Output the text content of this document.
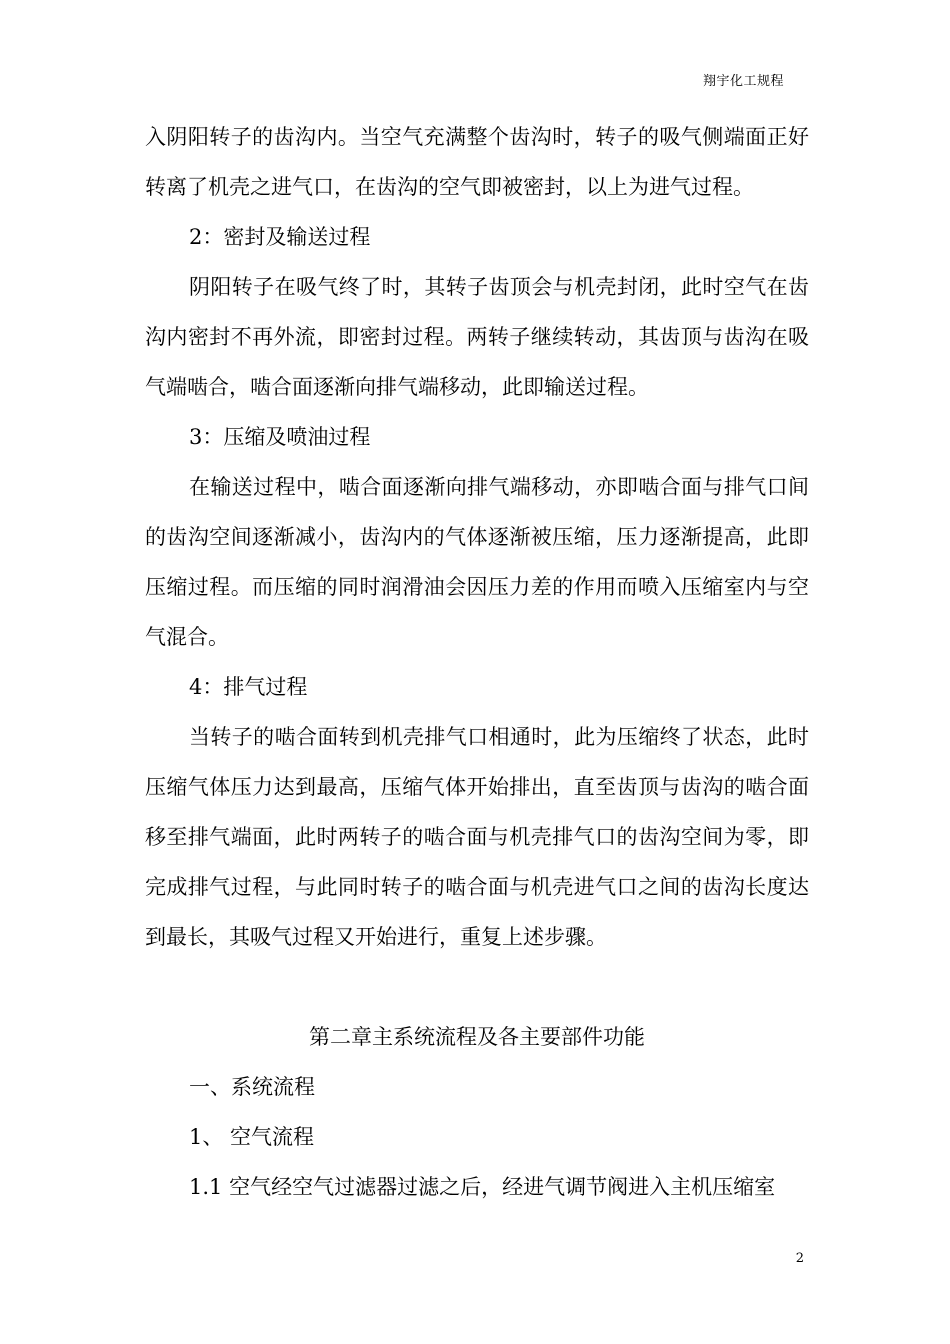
翔宇化工规程

入阴阳转子的齿沟内。当空气充满整个齿沟时，转子的吸气侧端面正好转离了机壳之进气口，在齿沟的空气即被密封，以上为进气过程。

2：密封及输送过程

阴阳转子在吸气终了时，其转子齿顶会与机壳封闭，此时空气在齿沟内密封不再外流，即密封过程。两转子继续转动，其齿顶与齿沟在吸气端啮合，啮合面逐渐向排气端移动，此即输送过程。

3：压缩及喷油过程

在输送过程中，啮合面逐渐向排气端移动，亦即啮合面与排气口间的齿沟空间逐渐减小，齿沟内的气体逐渐被压缩，压力逐渐提高，此即压缩过程。而压缩的同时润滑油会因压力差的作用而喷入压缩室内与空气混合。

4：排气过程

当转子的啮合面转到机壳排气口相通时，此为压缩终了状态，此时压缩气体压力达到最高，压缩气体开始排出，直至齿顶与齿沟的啮合面移至排气端面，此时两转子的啮合面与机壳排气口的齿沟空间为零，即完成排气过程，与此同时转子的啮合面与机壳进气口之间的齿沟长度达到最长，其吸气过程又开始进行，重复上述步骤。

第二章主系统流程及各主要部件功能

一、系统流程

1、 空气流程

1.1 空气经空气过滤器过滤之后，经进气调节阀进入主机压缩室

2
